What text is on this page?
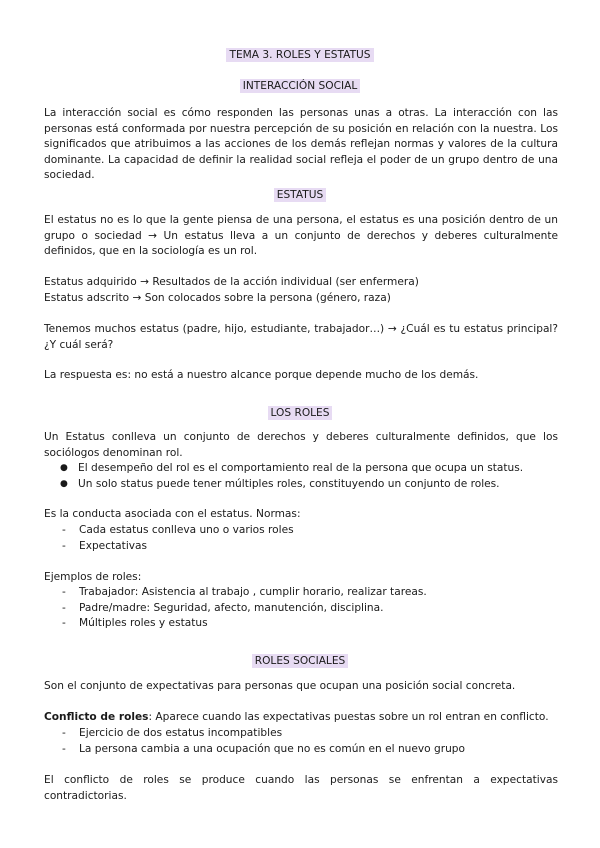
TEMA 3. ROLES Y ESTATUS
INTERACCIÓN SOCIAL

La interacción social es cómo responden las personas unas a otras. La interacción con las personas está conformada por nuestra percepción de su posición en relación con la nuestra. Los significados que atribuimos a las acciones de los demás reflejan normas y valores de la cultura dominante. La capacidad de definir la realidad social refleja el poder de un grupo dentro de una sociedad.

ESTATUS

El estatus no es lo que la gente piensa de una persona, el estatus es una posición dentro de un grupo o sociedad → Un estatus lleva a un conjunto de derechos y deberes culturalmente definidos, que en la sociología es un rol.

Estatus adquirido → Resultados de la acción individual (ser enfermera)

Estatus adscrito → Son colocados sobre la persona (género, raza)

Tenemos muchos estatus (padre, hijo, estudiante, trabajador…) → ¿Cuál es tu estatus principal? ¿Y cuál será?

La respuesta es: no está a nuestro alcance porque depende mucho de los demás.

LOS ROLES

Un Estatus conlleva un conjunto de derechos y deberes culturalmente definidos, que los sociólogos denominan rol.

● El desempeño del rol es el comportamiento real de la persona que ocupa un status.
● Un solo status puede tener múltiples roles, constituyendo un conjunto de roles.

Es la conducta asociada con el estatus. Normas:

- Cada estatus conlleva uno o varios roles
- Expectativas

Ejemplos de roles:

- Trabajador: Asistencia al trabajo , cumplir horario, realizar tareas.
- Padre/madre: Seguridad, afecto, manutención, disciplina.
- Múltiples roles y estatus
ROLES SOCIALES

Son el conjunto de expectativas para personas que ocupan una posición social concreta.

Conflicto de roles: Aparece cuando las expectativas puestas sobre un rol entran en conflicto.

- Ejercicio de dos estatus incompatibles
- La persona cambia a una ocupación que no es común en el nuevo grupo

El conflicto de roles se produce cuando las personas se enfrentan a expectativas contradictorias.
